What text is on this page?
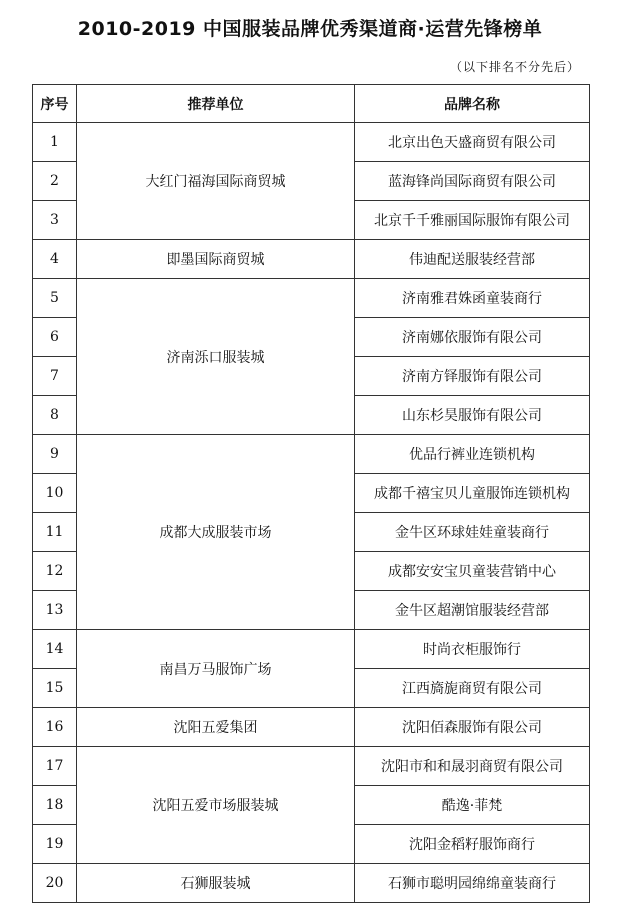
2010-2019 中国服装品牌优秀渠道商·运营先锋榜单
（以下排名不分先后）
序号	推荐单位	品牌名称
1	大红门福海国际商贸城	北京出色天盛商贸有限公司
2		蓝海锋尚国际商贸有限公司
3		北京千千雅丽国际服饰有限公司
4	即墨国际商贸城	伟迪配送服装经营部
5	济南泺口服装城	济南雅君姝函童装商行
6		济南娜依服饰有限公司
7		济南方铎服饰有限公司
8		山东杉昊服饰有限公司
9	成都大成服装市场	优品行裤业连锁机构
10		成都千禧宝贝儿童服饰连锁机构
11		金牛区环球娃娃童装商行
12		成都安安宝贝童装营销中心
13		金牛区超潮馆服装经营部
14	南昌万马服饰广场	时尚衣柜服饰行
15		江西旖旎商贸有限公司
16	沈阳五爱集团	沈阳佰森服饰有限公司
17	沈阳五爱市场服装城	沈阳市和和晟羽商贸有限公司
18		酷逸·菲梵
19		沈阳金稻籽服饰商行
20	石狮服装城	石狮市聪明园绵绵童装商行
